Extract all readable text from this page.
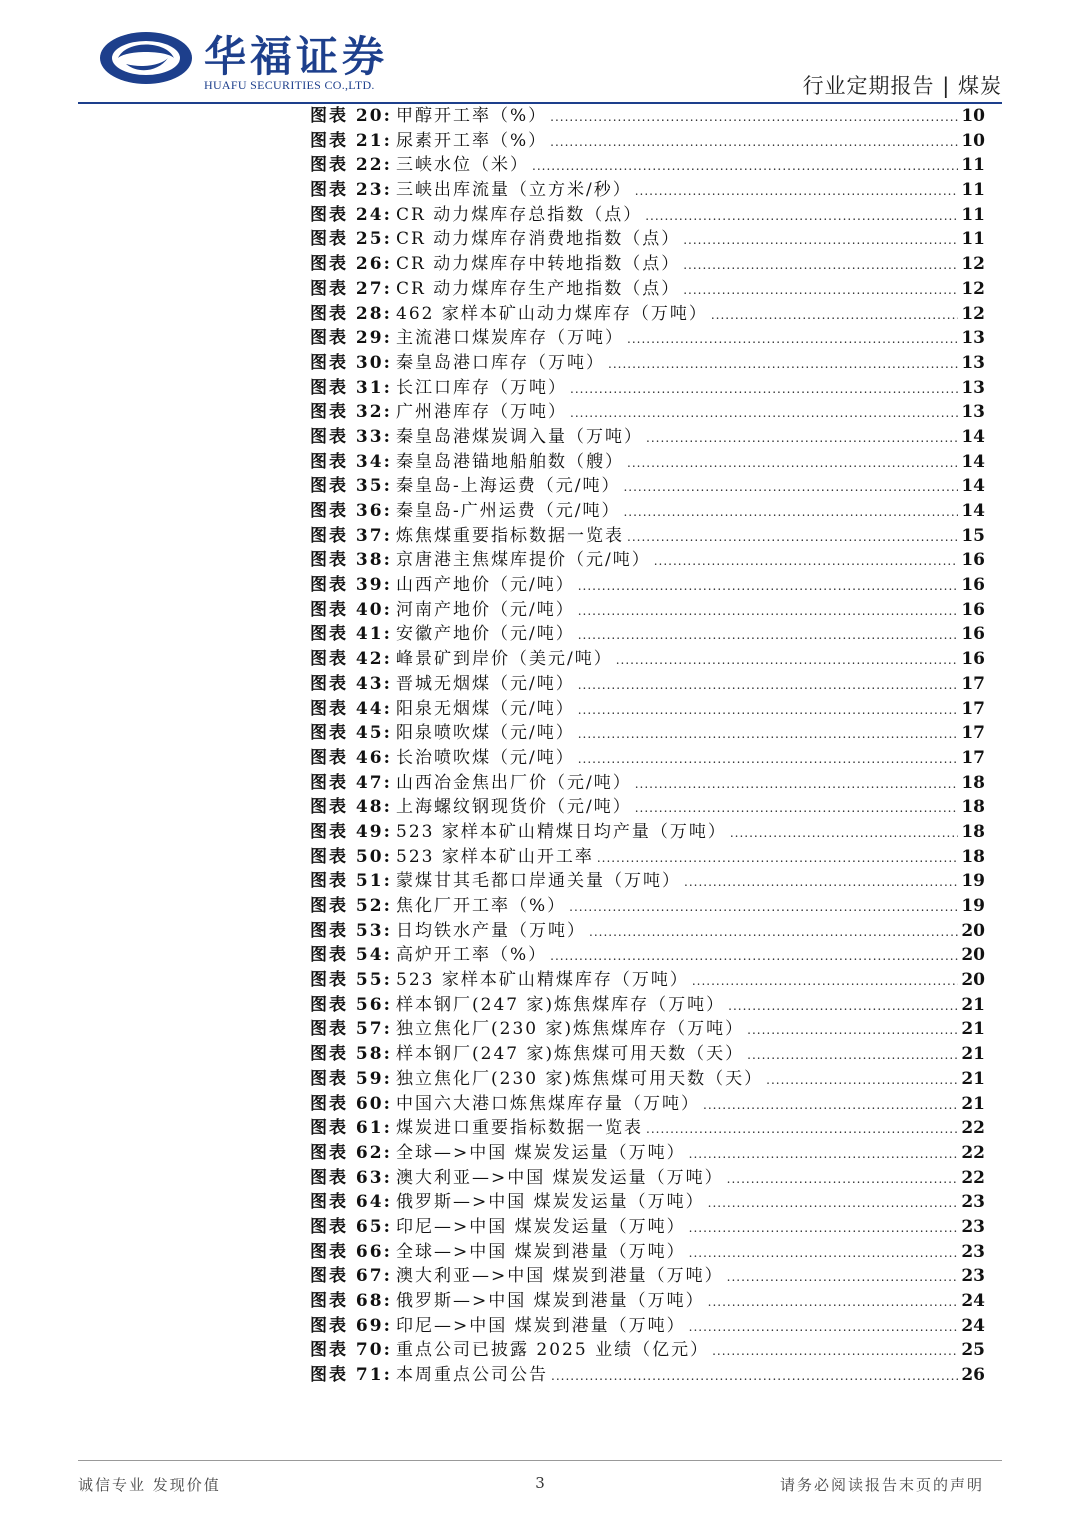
华福证券
HUAFU SECURITIES CO.,LTD.	行业定期报告 | 煤炭
图表 20: 甲醇开工率（%） .....	10
图表 21: 尿素开工率（%） .....	10
图表 22: 三峡水位（米） .....	11
图表 23: 三峡出库流量（立方米/秒） .....	11
图表 24: CR 动力煤库存总指数（点） .....	11
图表 25: CR 动力煤库存消费地指数（点） .....	11
图表 26: CR 动力煤库存中转地指数（点） .....	12
图表 27: CR 动力煤库存生产地指数（点） .....	12
图表 28: 462 家样本矿山动力煤库存（万吨） .....	12
图表 29: 主流港口煤炭库存（万吨） .....	13
图表 30: 秦皇岛港口库存（万吨） .....	13
图表 31: 长江口库存（万吨） .....	13
图表 32: 广州港库存（万吨） .....	13
图表 33: 秦皇岛港煤炭调入量（万吨） .....	14
图表 34: 秦皇岛港锚地船舶数（艘） .....	14
图表 35: 秦皇岛-上海运费（元/吨） .....	14
图表 36: 秦皇岛-广州运费（元/吨） .....	14
图表 37: 炼焦煤重要指标数据一览表 .....	15
图表 38: 京唐港主焦煤库提价（元/吨） .....	16
图表 39: 山西产地价（元/吨） .....	16
图表 40: 河南产地价（元/吨） .....	16
图表 41: 安徽产地价（元/吨） .....	16
图表 42: 峰景矿到岸价（美元/吨） .....	16
图表 43: 晋城无烟煤（元/吨） .....	17
图表 44: 阳泉无烟煤（元/吨） .....	17
图表 45: 阳泉喷吹煤（元/吨） .....	17
图表 46: 长治喷吹煤（元/吨） .....	17
图表 47: 山西冶金焦出厂价（元/吨） .....	18
图表 48: 上海螺纹钢现货价（元/吨） .....	18
图表 49: 523 家样本矿山精煤日均产量（万吨） .....	18
图表 50: 523 家样本矿山开工率 .....	18
图表 51: 蒙煤甘其毛都口岸通关量（万吨） .....	19
图表 52: 焦化厂开工率（%） .....	19
图表 53: 日均铁水产量（万吨） .....	20
图表 54: 高炉开工率（%） .....	20
图表 55: 523 家样本矿山精煤库存（万吨） .....	20
图表 56: 样本钢厂(247 家)炼焦煤库存（万吨） .....	21
图表 57: 独立焦化厂(230 家)炼焦煤库存（万吨） .....	21
图表 58: 样本钢厂(247 家)炼焦煤可用天数（天） .....	21
图表 59: 独立焦化厂(230 家)炼焦煤可用天数（天） .....	21
图表 60: 中国六大港口炼焦煤库存量（万吨） .....	21
图表 61: 煤炭进口重要指标数据一览表 .....	22
图表 62: 全球—>中国 煤炭发运量（万吨） .....	22
图表 63: 澳大利亚—>中国 煤炭发运量（万吨） .....	22
图表 64: 俄罗斯—>中国 煤炭发运量（万吨） .....	23
图表 65: 印尼—>中国 煤炭发运量（万吨） .....	23
图表 66: 全球—>中国 煤炭到港量（万吨） .....	23
图表 67: 澳大利亚—>中国 煤炭到港量（万吨） .....	23
图表 68: 俄罗斯—>中国 煤炭到港量（万吨） .....	24
图表 69: 印尼—>中国 煤炭到港量（万吨） .....	24
图表 70: 重点公司已披露 2025 业绩（亿元） .....	25
图表 71: 本周重点公司公告 .....	26
诚信专业 发现价值	3	请务必阅读报告末页的声明
